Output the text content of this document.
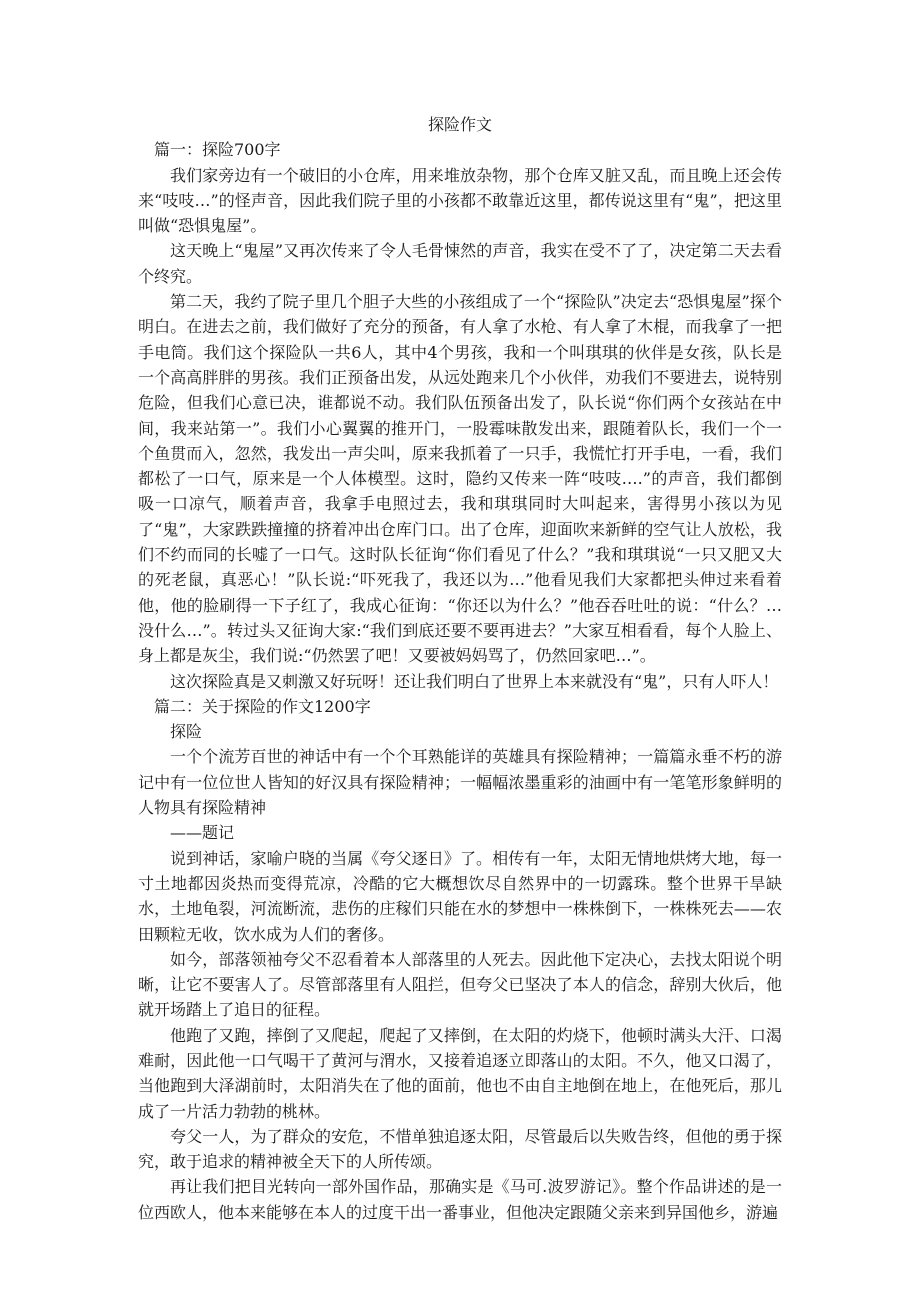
探险作文

篇一：探险700字

我们家旁边有一个破旧的小仓库，用来堆放杂物，那个仓库又脏又乱，而且晚上还会传来“吱吱…”的怪声音，因此我们院子里的小孩都不敢靠近这里，都传说这里有“鬼”，把这里叫做“恐惧鬼屋”。

这天晚上“鬼屋”又再次传来了令人毛骨悚然的声音，我实在受不了了，决定第二天去看个终究。

第二天，我约了院子里几个胆子大些的小孩组成了一个“探险队”决定去“恐惧鬼屋”探个明白。在进去之前，我们做好了充分的预备，有人拿了水枪、有人拿了木棍，而我拿了一把手电筒。我们这个探险队一共6人，其中4个男孩，我和一个叫琪琪的伙伴是女孩，队长是一个高高胖胖的男孩。我们正预备出发，从远处跑来几个小伙伴，劝我们不要进去，说特别危险，但我们心意已决，谁都说不动。我们队伍预备出发了，队长说“你们两个女孩站在中间，我来站第一”。我们小心翼翼的推开门，一股霉味散发出来，跟随着队长，我们一个一个鱼贯而入，忽然，我发出一声尖叫，原来我抓着了一只手，我慌忙打开手电，一看，我们都松了一口气，原来是一个人体模型。这时，隐约又传来一阵“吱吱….”的声音，我们都倒吸一口凉气，顺着声音，我拿手电照过去，我和琪琪同时大叫起来，害得男小孩以为见了“鬼”，大家跌跌撞撞的挤着冲出仓库门口。出了仓库，迎面吹来新鲜的空气让人放松，我们不约而同的长嘘了一口气。这时队长征询“你们看见了什么？”我和琪琪说“一只又肥又大的死老鼠，真恶心！”队长说:“吓死我了，我还以为…”他看见我们大家都把头伸过来看着他，他的脸刷得一下子红了，我成心征询：“你还以为什么？”他吞吞吐吐的说：“什么？…没什么…”。转过头又征询大家:“我们到底还要不要再进去？”大家互相看看，每个人脸上、身上都是灰尘，我们说:“仍然罢了吧！又要被妈妈骂了，仍然回家吧…”。

这次探险真是又刺激又好玩呀！还让我们明白了世界上本来就没有“鬼”，只有人吓人！

篇二：关于探险的作文1200字

探险

一个个流芳百世的神话中有一个个耳熟能详的英雄具有探险精神；一篇篇永垂不朽的游记中有一位位世人皆知的好汉具有探险精神；一幅幅浓墨重彩的油画中有一笔笔形象鲜明的人物具有探险精神

——题记

说到神话，家喻户晓的当属《夸父逐日》了。相传有一年，太阳无情地烘烤大地，每一寸土地都因炎热而变得荒凉，冷酷的它大概想饮尽自然界中的一切露珠。整个世界干旱缺水，土地龟裂，河流断流，悲伤的庄稼们只能在水的梦想中一株株倒下，一株株死去——农田颗粒无收，饮水成为人们的奢侈。

如今，部落领袖夸父不忍看着本人部落里的人死去。因此他下定决心，去找太阳说个明晰，让它不要害人了。尽管部落里有人阻拦，但夸父已坚决了本人的信念，辞别大伙后，他就开场踏上了追日的征程。

他跑了又跑，摔倒了又爬起，爬起了又摔倒，在太阳的灼烧下，他顿时满头大汗、口渴难耐，因此他一口气喝干了黄河与渭水，又接着追逐立即落山的太阳。不久，他又口渴了，当他跑到大泽湖前时，太阳消失在了他的面前，他也不由自主地倒在地上，在他死后，那儿成了一片活力勃勃的桃林。

夸父一人，为了群众的安危，不惜单独追逐太阳，尽管最后以失败告终，但他的勇于探究，敢于追求的精神被全天下的人所传颂。

再让我们把目光转向一部外国作品，那确实是《马可.波罗游记》。整个作品讲述的是一位西欧人，他本来能够在本人的过度干出一番事业，但他决定跟随父亲来到异国他乡，游遍
